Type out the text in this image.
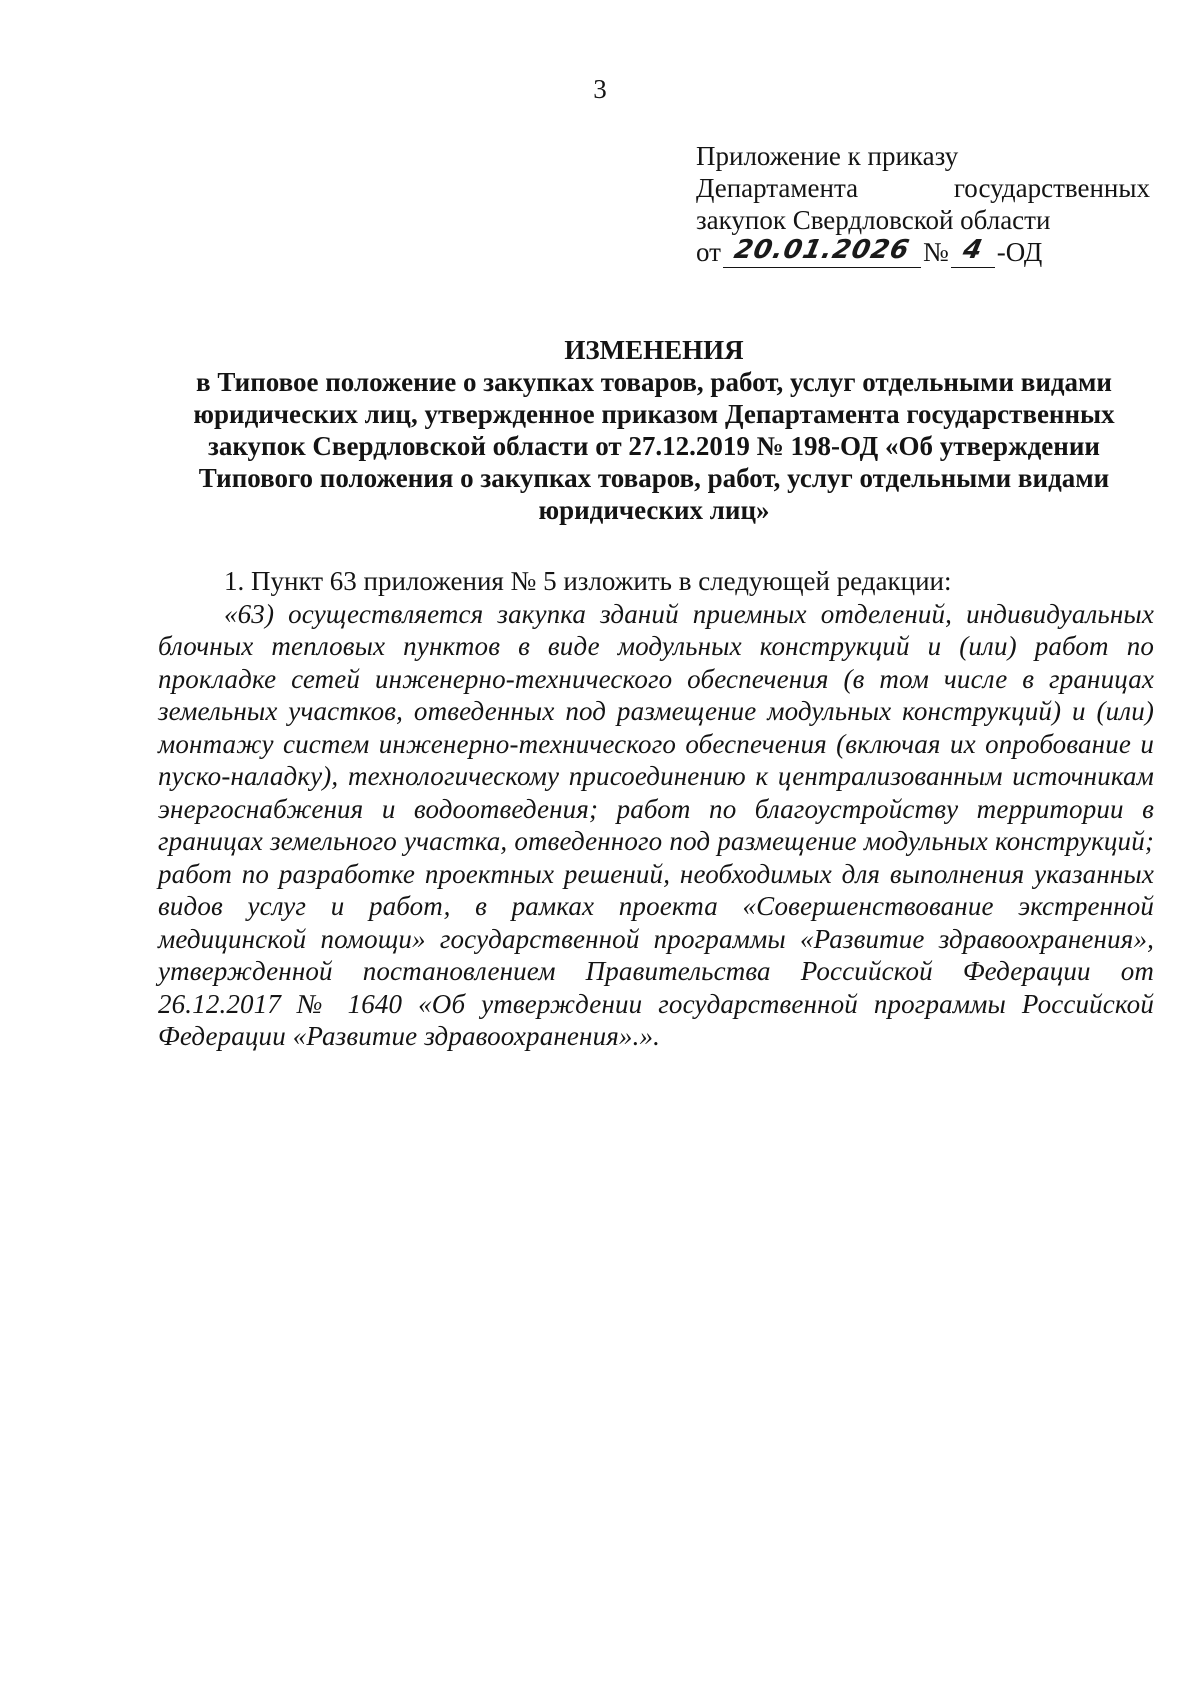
3
Приложение к приказу
Департамента государственных
закупок Свердловской области
от 20.01.2026 № 4 -ОД
ИЗМЕНЕНИЯ
в Типовое положение о закупках товаров, работ, услуг отдельными видами юридических лиц, утвержденное приказом Департамента государственных закупок Свердловской области от 27.12.2019 № 198-ОД «Об утверждении Типового положения о закупках товаров, работ, услуг отдельными видами юридических лиц»

1. Пункт 63 приложения № 5 изложить в следующей редакции:

«63) осуществляется закупка зданий приемных отделений, индивидуальных блочных тепловых пунктов в виде модульных конструкций и (или) работ по прокладке сетей инженерно-технического обеспечения (в том числе в границах земельных участков, отведенных под размещение модульных конструкций) и (или) монтажу систем инженерно-технического обеспечения (включая их опробование и пуско-наладку), технологическому присоединению к централизованным источникам энергоснабжения и водоотведения; работ по благоустройству территории в границах земельного участка, отведенного под размещение модульных конструкций; работ по разработке проектных решений, необходимых для выполнения указанных видов услуг и работ, в рамках проекта «Совершенствование экстренной медицинской помощи» государственной программы «Развитие здравоохранения», утвержденной постановлением Правительства Российской Федерации от 26.12.2017 № 1640 «Об утверждении государственной программы Российской Федерации «Развитие здравоохранения».».
